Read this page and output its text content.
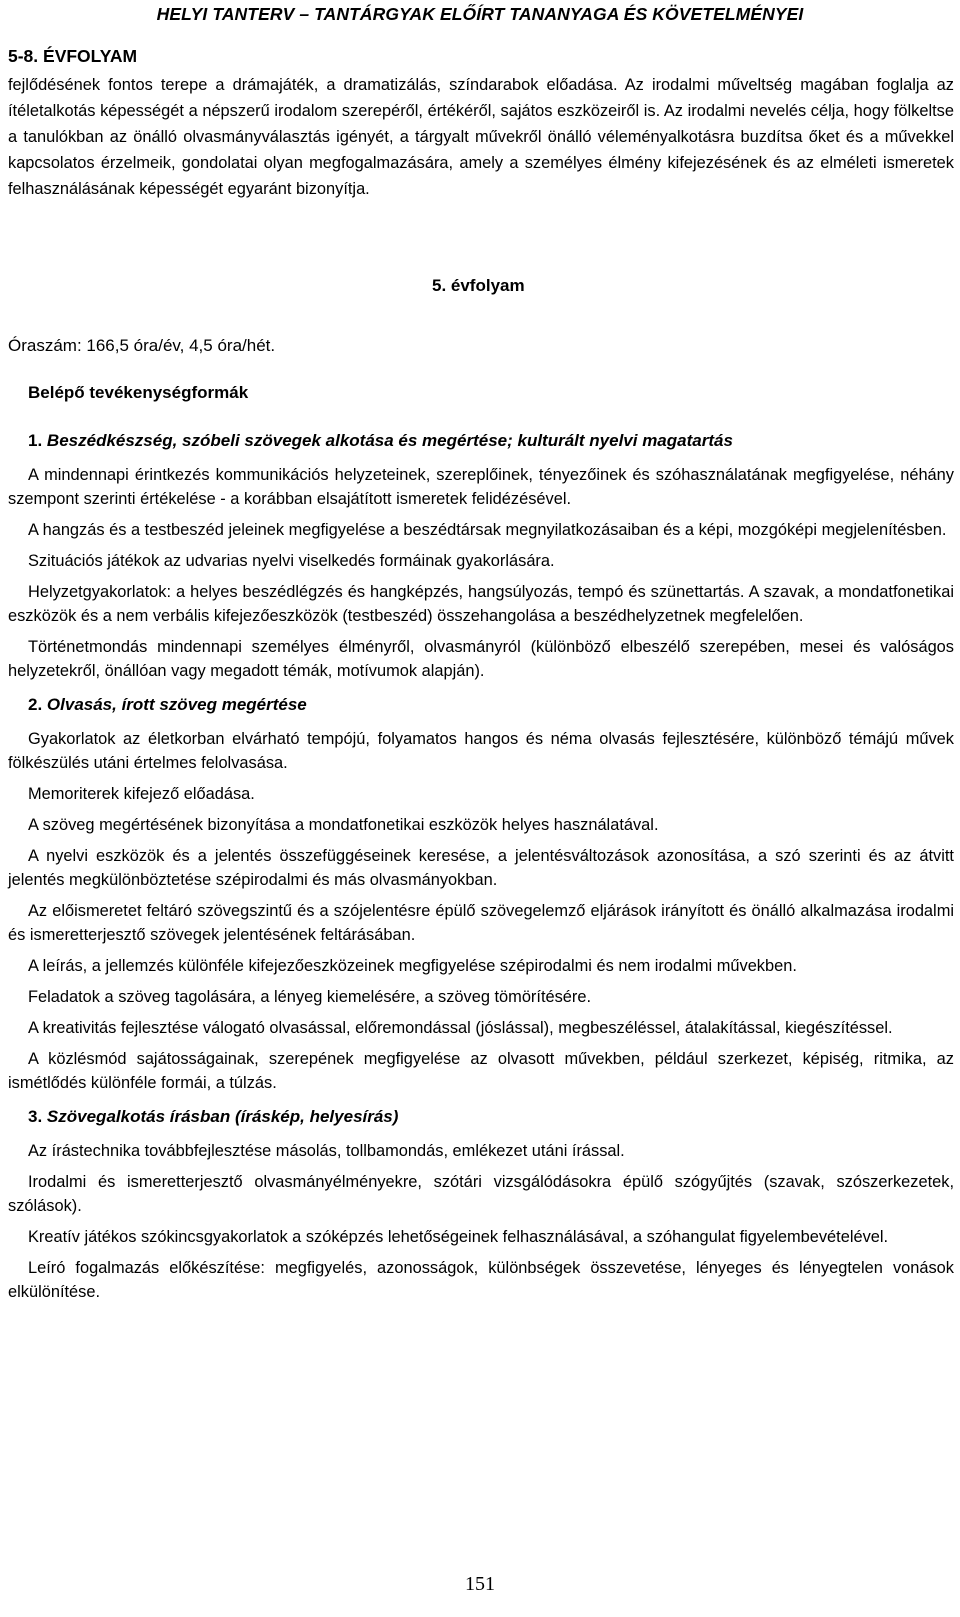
HELYI TANTERV – TANTÁRGYAK ELŐÍRT TANANYAGA ÉS KÖVETELMÉNYEI
5-8. ÉVFOLYAM
fejlődésének fontos terepe a drámajáték, a dramatizálás, színdarabok előadása. Az irodalmi műveltség magában foglalja az ítéletalkotás képességét a népszerű irodalom szerepéről, értékéről, sajátos eszközeiről is. Az irodalmi nevelés célja, hogy fölkeltse a tanulókban az önálló olvasmányválasztás igényét, a tárgyalt művekről önálló véleményalkotásra buzdítsa őket és a művekkel kapcsolatos érzelmeik, gondolatai olyan megfogalmazására, amely a személyes élmény kifejezésének és az elméleti ismeretek felhasználásának képességét egyaránt bizonyítja.
5. évfolyam
Óraszám: 166,5 óra/év, 4,5 óra/hét.
Belépő tevékenységformák
1. Beszédkészség, szóbeli szövegek alkotása és megértése; kulturált nyelvi magatartás

A mindennapi érintkezés kommunikációs helyzeteinek, szereplőinek, tényezőinek és szóhasználatának megfigyelése, néhány szempont szerinti értékelése - a korábban elsajátított ismeretek felidézésével.

A hangzás és a testbeszéd jeleinek megfigyelése a beszédtársak megnyilatkozásaiban és a képi, mozgóképi megjelenítésben.

Szituációs játékok az udvarias nyelvi viselkedés formáinak gyakorlására.

Helyzetgyakorlatok: a helyes beszédlégzés és hangképzés, hangsúlyozás, tempó és szünettartás. A szavak, a mondatfonetikai eszközök és a nem verbális kifejezőeszközök (testbeszéd) összehangolása a beszédhelyzetnek megfelelően.

Történetmondás mindennapi személyes élményről, olvasmányról (különböző elbeszélő szerepében, mesei és valóságos helyzetekről, önállóan vagy megadott témák, motívumok alapján).

2. Olvasás, írott szöveg megértése

Gyakorlatok az életkorban elvárható tempójú, folyamatos hangos és néma olvasás fejlesztésére, különböző témájú művek fölkészülés utáni értelmes felolvasása.

Memoriterek kifejező előadása.

A szöveg megértésének bizonyítása a mondatfonetikai eszközök helyes használatával.

A nyelvi eszközök és a jelentés összefüggéseinek keresése, a jelentésváltozások azonosítása, a szó szerinti és az átvitt jelentés megkülönböztetése szépirodalmi és más olvasmányokban.

Az előismeretet feltáró szövegszintű és a szójelentésre épülő szövegelemző eljárások irányított és önálló alkalmazása irodalmi és ismeretterjesztő szövegek jelentésének feltárásában.

A leírás, a jellemzés különféle kifejezőeszközeinek megfigyelése szépirodalmi és nem irodalmi művekben.

Feladatok a szöveg tagolására, a lényeg kiemelésére, a szöveg tömörítésére.

A kreativitás fejlesztése válogató olvasással, előremondással (jóslással), megbeszéléssel, átalakítással, kiegészítéssel.

A közlésmód sajátosságainak, szerepének megfigyelése az olvasott művekben, például szerkezet, képiség, ritmika, az ismétlődés különféle formái, a túlzás.

3. Szövegalkotás írásban (íráskép, helyesírás)

Az írástechnika továbbfejlesztése másolás, tollbamondás, emlékezet utáni írással.

Irodalmi és ismeretterjesztő olvasmányélményekre, szótári vizsgálódásokra épülő szógyűjtés (szavak, szószerkezetek, szólások).

Kreatív játékos szókincsgyakorlatok a szóképzés lehetőségeinek felhasználásával, a szóhangulat figyelembevételével.

Leíró fogalmazás előkészítése: megfigyelés, azonosságok, különbségek összevetése, lényeges és lényegtelen vonások elkülönítése.

151
